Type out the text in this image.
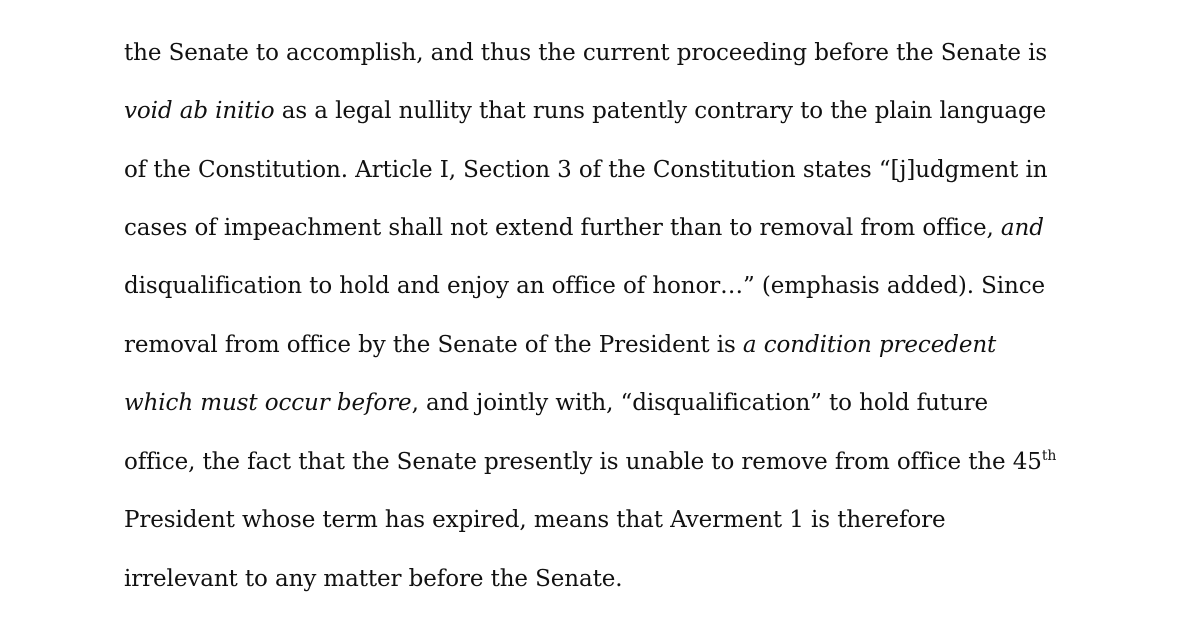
the Senate to accomplish, and thus the current proceeding before the Senate is
void ab initio as a legal nullity that runs patently contrary to the plain language
of the Constitution. Article I, Section 3 of the Constitution states “[j]udgment in
cases of impeachment shall not extend further than to removal from office, and
disqualification to hold and enjoy an office of honor…” (emphasis added). Since
removal from office by the Senate of the President is a condition precedent
which must occur before, and jointly with, “disqualification” to hold future
office, the fact that the Senate presently is unable to remove from office the 45th
President whose term has expired, means that Averment 1 is therefore
irrelevant to any matter before the Senate.
